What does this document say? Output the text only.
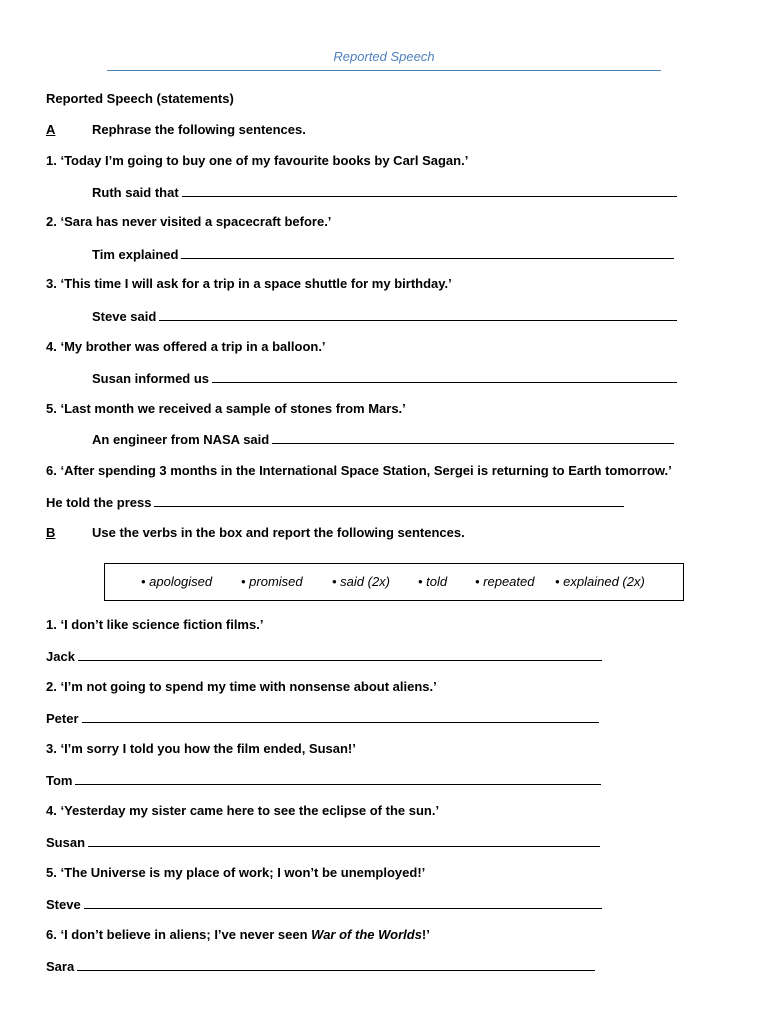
Reported Speech
Reported Speech (statements)
A	Rephrase the following sentences.
1. ‘Today I’m going to buy one of my favourite books by Carl Sagan.’
Ruth said that
2. ‘Sara has never visited a spacecraft before.’
Tim explained
3. ‘This time I will ask for a trip in a space shuttle for my birthday.’
Steve said
4. ‘My brother was offered a trip in a balloon.’
Susan informed us
5. ‘Last month we received a sample of stones from Mars.’
An engineer from NASA said
6. ‘After spending 3 months in the International Space Station, Sergei is returning to Earth tomorrow.’
He told the press
B	Use the verbs in the box and report the following sentences.
• apologised • promised • said (2x) • told • repeated • explained (2x)
1. ‘I don’t like science fiction films.’
Jack
2. ‘I’m not going to spend my time with nonsense about aliens.’
Peter
3. ‘I’m sorry I told you how the film ended, Susan!’
Tom
4. ‘Yesterday my sister came here to see the eclipse of the sun.’
Susan
5. ‘The Universe is my place of work; I won’t be unemployed!’
Steve
6. ‘I don’t believe in aliens; I’ve never seen War of the Worlds!’
Sara
